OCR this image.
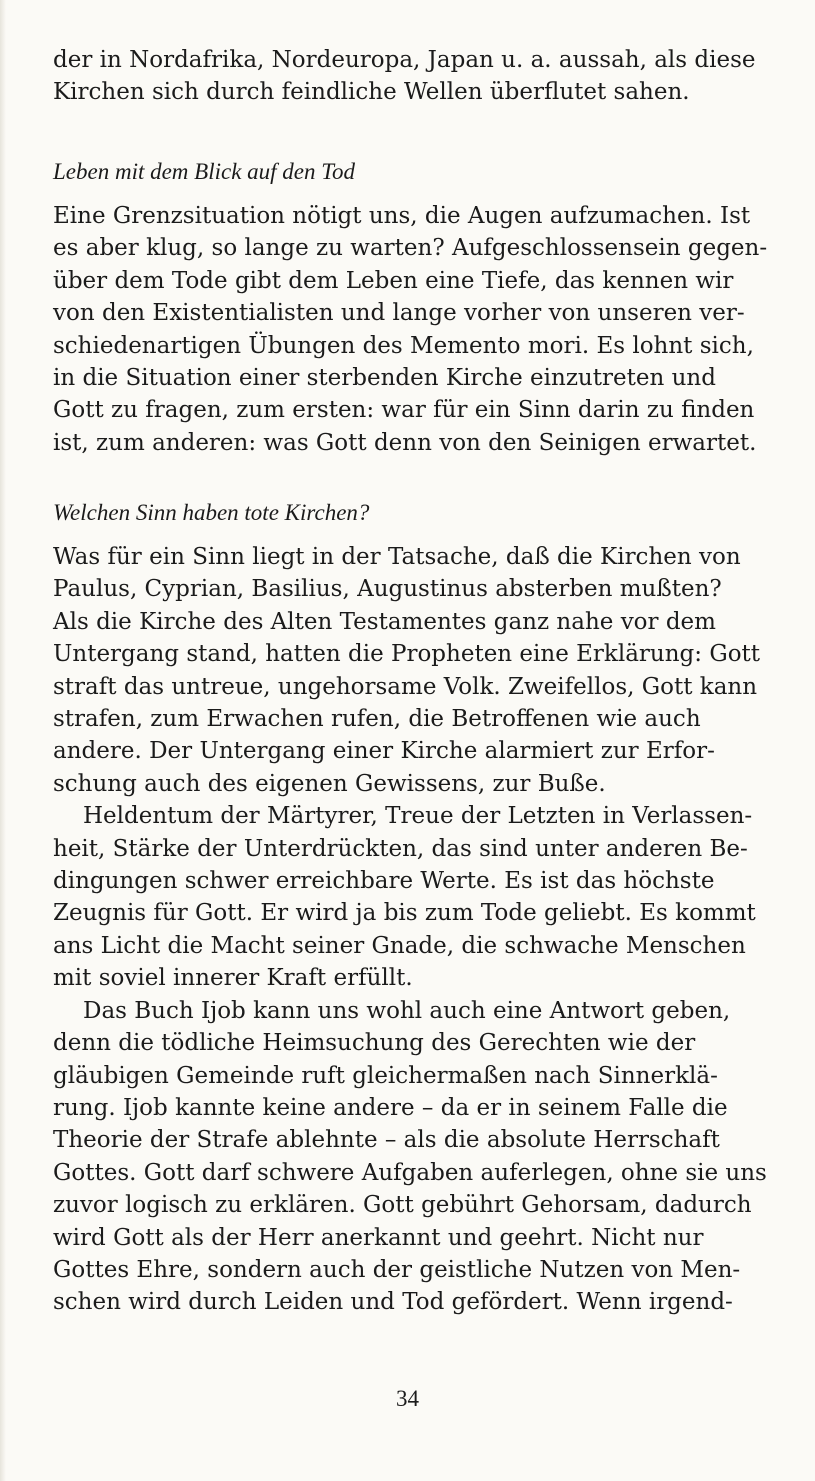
der in Nordafrika, Nordeuropa, Japan u. a. aussah, als diese
Kirchen sich durch feindliche Wellen überflutet sahen.

Leben mit dem Blick auf den Tod

Eine Grenzsituation nötigt uns, die Augen aufzumachen. Ist
es aber klug, so lange zu warten? Aufgeschlossensein gegen-
über dem Tode gibt dem Leben eine Tiefe, das kennen wir
von den Existentialisten und lange vorher von unseren ver-
schiedenartigen Übungen des Memento mori. Es lohnt sich,
in die Situation einer sterbenden Kirche einzutreten und
Gott zu fragen, zum ersten: war für ein Sinn darin zu finden
ist, zum anderen: was Gott denn von den Seinigen erwartet.

Welchen Sinn haben tote Kirchen?

Was für ein Sinn liegt in der Tatsache, daß die Kirchen von
Paulus, Cyprian, Basilius, Augustinus absterben mußten?
Als die Kirche des Alten Testamentes ganz nahe vor dem
Untergang stand, hatten die Propheten eine Erklärung: Gott
straft das untreue, ungehorsame Volk. Zweifellos, Gott kann
strafen, zum Erwachen rufen, die Betroffenen wie auch
andere. Der Untergang einer Kirche alarmiert zur Erfor-
schung auch des eigenen Gewissens, zur Buße.

Heldentum der Märtyrer, Treue der Letzten in Verlassen-
heit, Stärke der Unterdrückten, das sind unter anderen Be-
dingungen schwer erreichbare Werte. Es ist das höchste
Zeugnis für Gott. Er wird ja bis zum Tode geliebt. Es kommt
ans Licht die Macht seiner Gnade, die schwache Menschen
mit soviel innerer Kraft erfüllt.

Das Buch Ijob kann uns wohl auch eine Antwort geben,
denn die tödliche Heimsuchung des Gerechten wie der
gläubigen Gemeinde ruft gleichermaßen nach Sinnerklä-
rung. Ijob kannte keine andere – da er in seinem Falle die
Theorie der Strafe ablehnte – als die absolute Herrschaft
Gottes. Gott darf schwere Aufgaben auferlegen, ohne sie uns
zuvor logisch zu erklären. Gott gebührt Gehorsam, dadurch
wird Gott als der Herr anerkannt und geehrt. Nicht nur
Gottes Ehre, sondern auch der geistliche Nutzen von Men-
schen wird durch Leiden und Tod gefördert. Wenn irgend-

34
